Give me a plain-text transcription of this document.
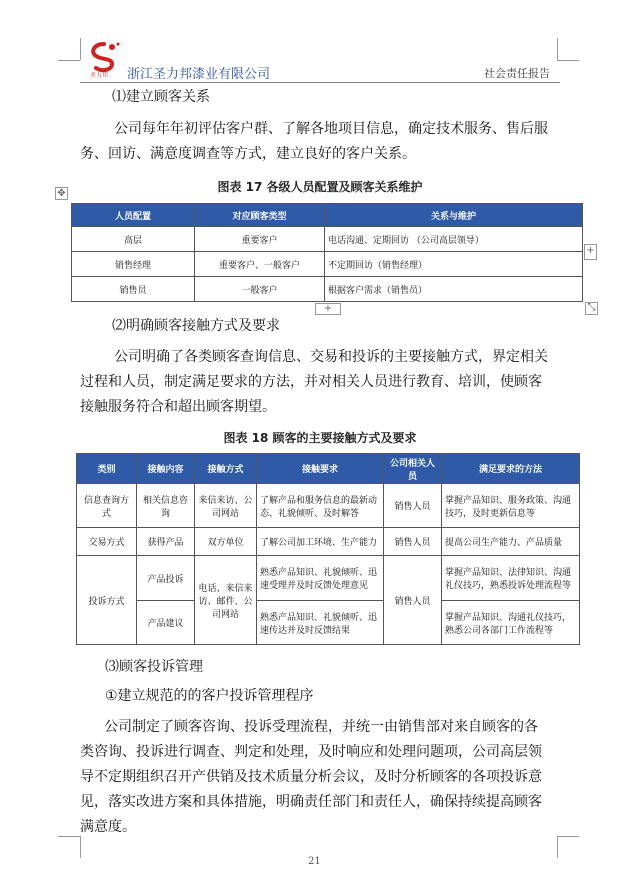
圣力邦 浙江圣力邦漆业有限公司	社会责任报告
⑴建立顾客关系
公司每年年初评估客户群、了解各地项目信息，确定技术服务、售后服
务、回访、满意度调查等方式，建立良好的客户关系。
图表 17 各级人员配置及顾客关系维护
✥
人员配置	对应顾客类型	关系与维护
高层	重要客户	电话沟通、定期回访 （公司高层领导）
销售经理	重要客户、一般客户	不定期回访（销售经理）
销售员	一般客户	根据客户需求（销售员）
+
+	⤡
⑵明确顾客接触方式及要求
公司明确了各类顾客查询信息、交易和投诉的主要接触方式，界定相关
过程和人员，制定满足要求的方法，并对相关人员进行教育、培训，使顾客
接触服务符合和超出顾客期望。
图表 18 顾客的主要接触方式及要求
类别	接触内容	接触方式	接触要求	公司相关人员	满足要求的方法
信息查询方式	相关信息咨询	来信来访、公司网站	了解产品和服务信息的最新动态、礼貌倾听、及时解答	销售人员	掌握产品知识、服务政策、沟通技巧，及时更新信息等
交易方式	获得产品	双方单位	了解公司加工环境、生产能力	销售人员	提高公司生产能力、产品质量
投诉方式	产品投诉	电话、来信来访、邮件、公司网站	熟悉产品知识、礼貌倾听、迅速受理并及时反馈处理意见	销售人员	掌握产品知识、法律知识、沟通礼仪技巧，熟悉投诉处理流程等
	产品建议		熟悉产品知识、礼貌倾听、迅速传达并及时反馈结果		掌握产品知识、沟通礼仪技巧，熟悉公司各部门工作流程等
⑶顾客投诉管理
①建立规范的的客户投诉管理程序
公司制定了顾客咨询、投诉受理流程，并统一由销售部对来自顾客的各
类咨询、投诉进行调查、判定和处理，及时响应和处理问题项，公司高层领
导不定期组织召开产供销及技术质量分析会议，及时分析顾客的各项投诉意
见，落实改进方案和具体措施，明确责任部门和责任人，确保持续提高顾客
满意度。
21
